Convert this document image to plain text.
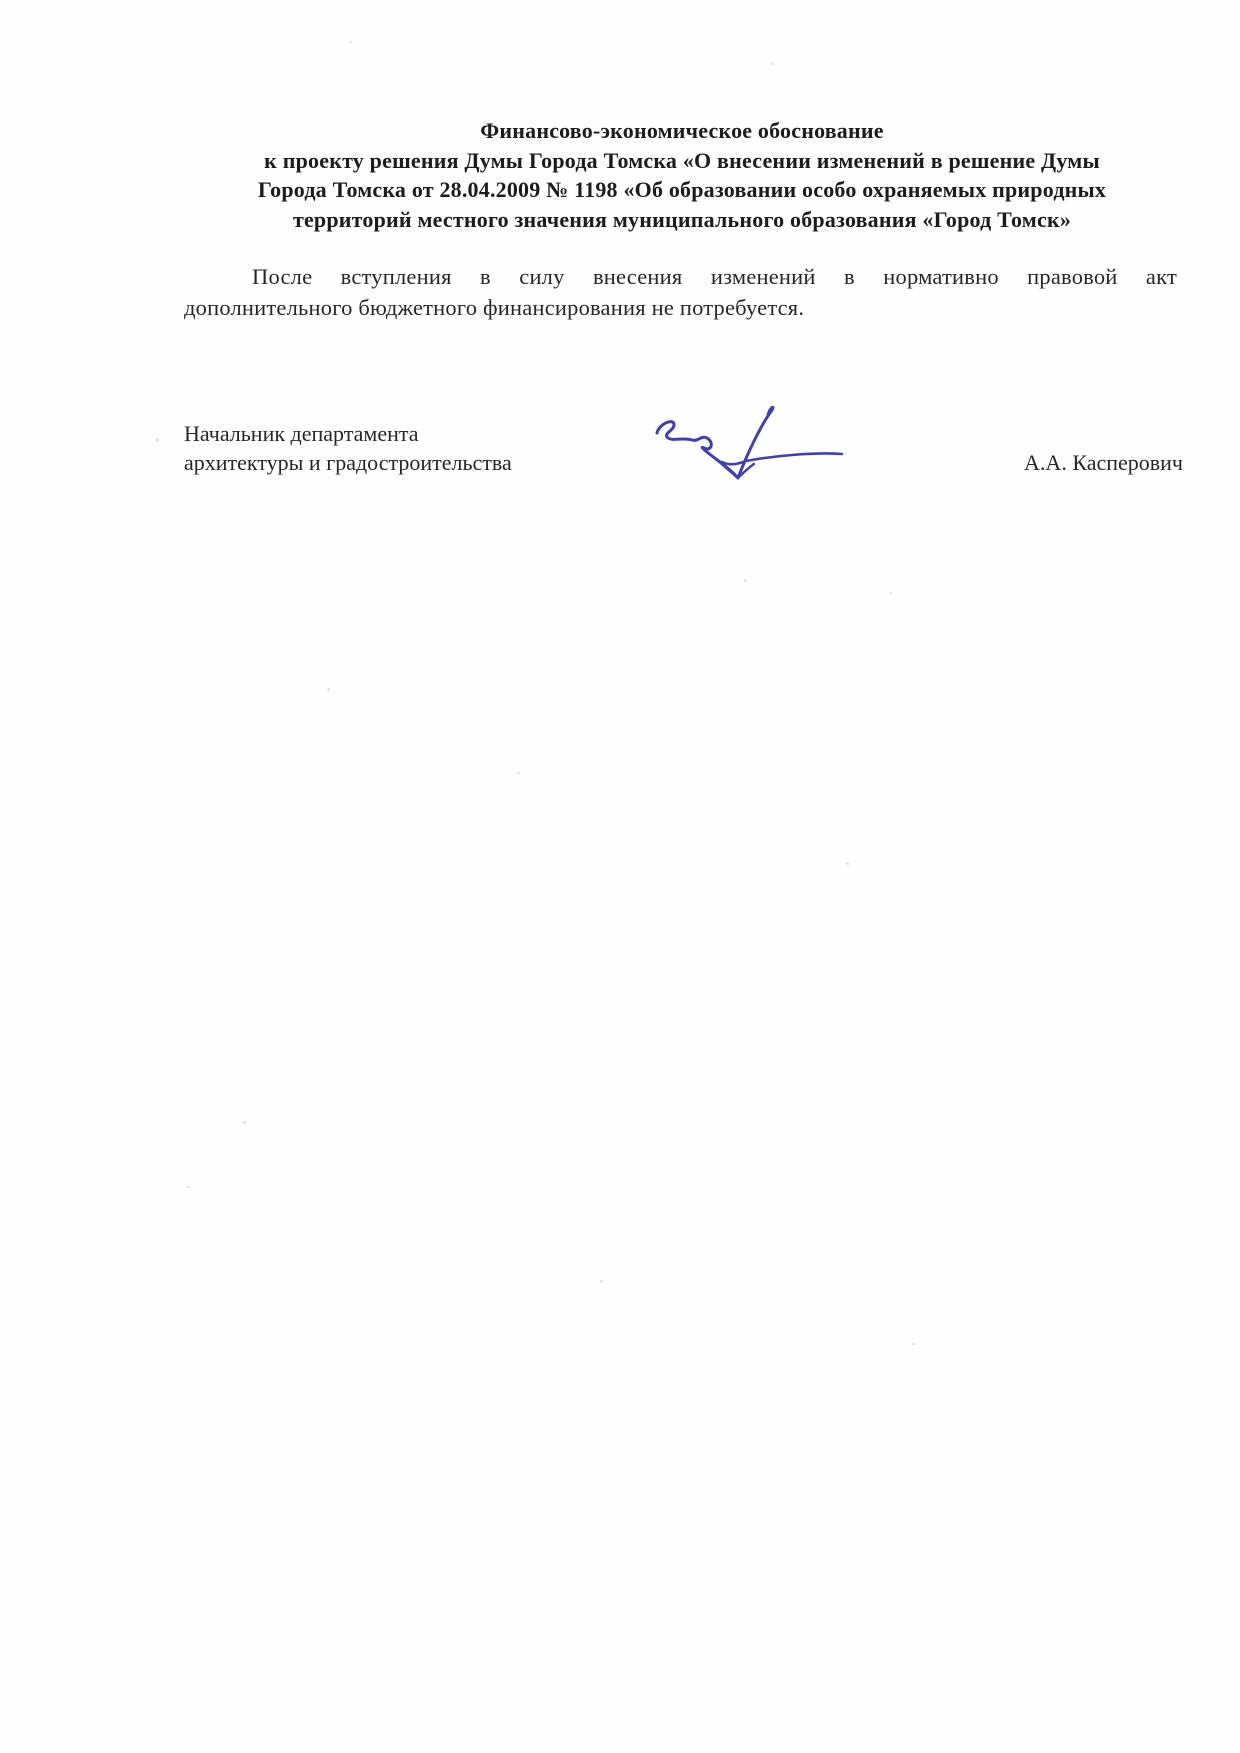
Финансово-экономическое обоснование
к проекту решения Думы Города Томска «О внесении изменений в решение Думы
Города Томска от 28.04.2009 № 1198 «Об образовании особо охраняемых природных
территорий местного значения муниципального образования «Город Томск»
После вступления в силу внесения изменений в нормативно правовой акт
дополнительного бюджетного финансирования не потребуется.
Начальник департамента
архитектуры и градостроительства	А.А. Касперович
